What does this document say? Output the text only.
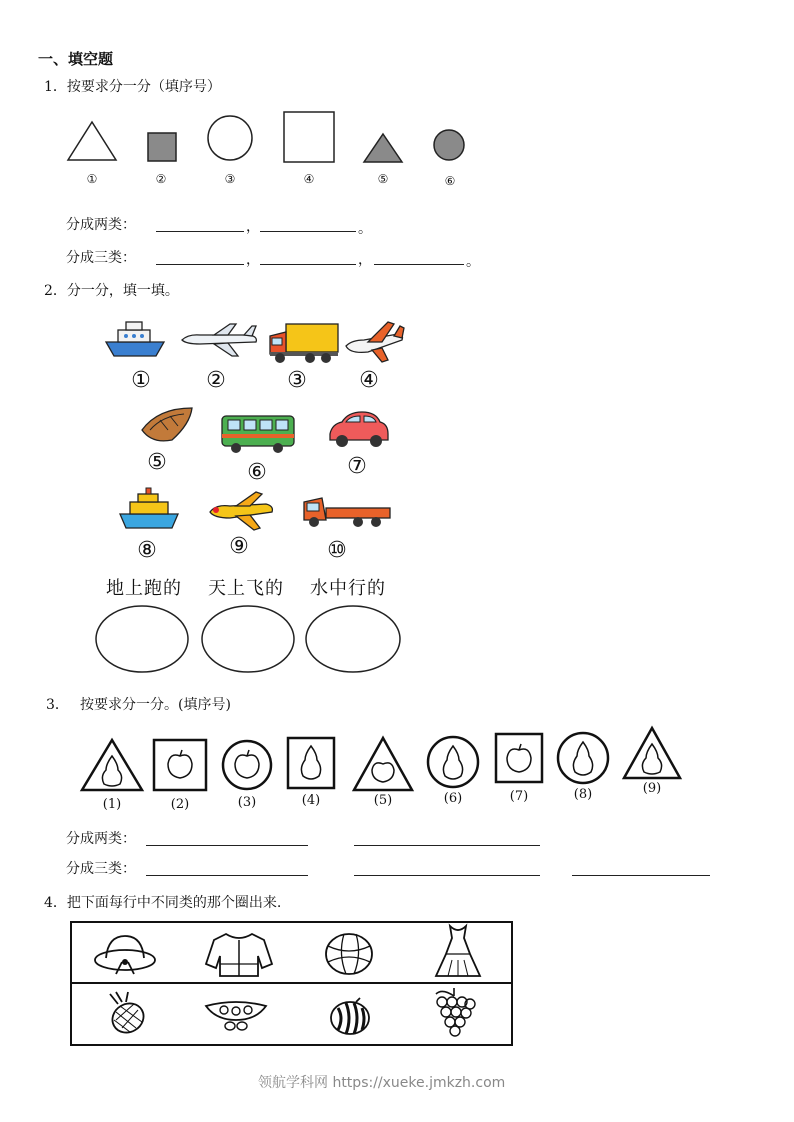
一、填空题
1．按要求分一分（填序号）
①	②	③	④	⑤	⑥
分成两类：	，	。
分成三类：	，	，	。
2．分一分，填一填。
①	②	③ ④
⑤	⑥	⑦
⑧	⑨	⑩
地上跑的 天上飞的 水中行的
3． 按要求分一分。(填序号)
(1)	(2)	(3)	(4)	(5)	(6)	(7)	(8)	(9)
分成两类：
分成三类：
4．把下面每行中不同类的那个圈出来.
领航学科网 https://xueke.jmkzh.com
